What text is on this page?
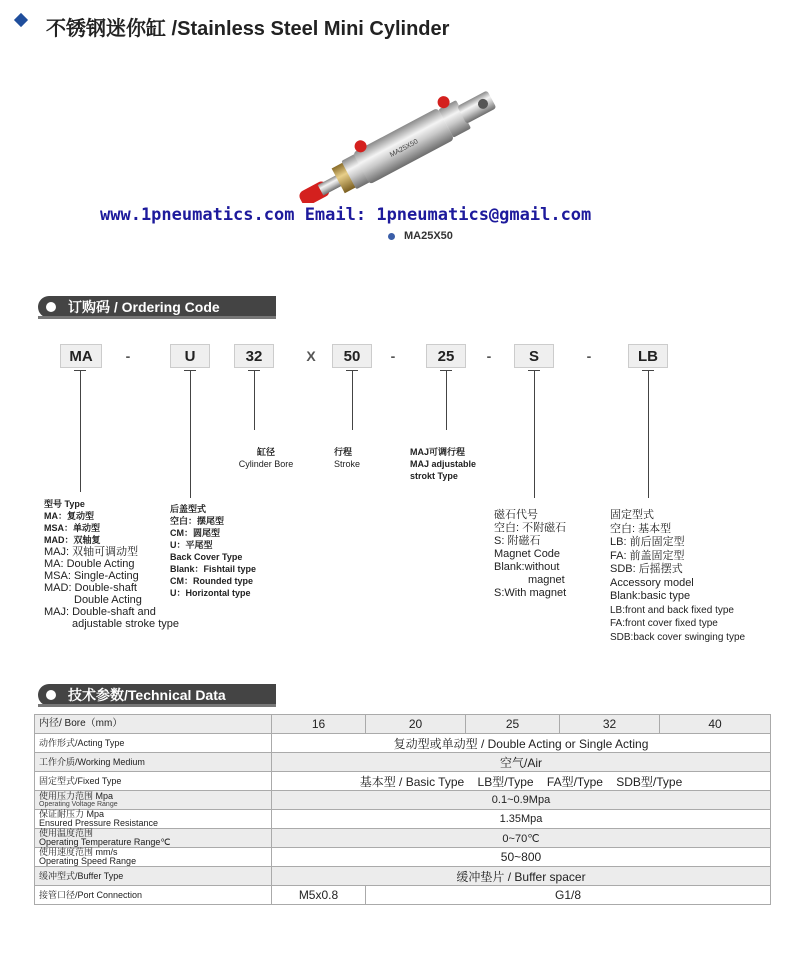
不锈钢迷你缸 /Stainless Steel Mini Cylinder
MA25X50
www.1pneumatics.com Email: 1pneumatics@gmail.com
MA25X50
订购码 / Ordering Code
MA	-	U	32	X	50	-	25	-	S	-	LB
缸径
Cylinder Bore
行程
Stroke
MAJ可调行程
MAJ adjustable
strokt Type
型号 Type
MA：复动型
MSA：单动型
MAD：双轴复
MAJ: 双轴可调动型
MA: Double Acting
MSA: Single-Acting
MAD: Double-shaft
Double Acting
MAJ: Double-shaft and
adjustable stroke type
后盖型式
空白：摆尾型
CM：圆尾型
U：平尾型
Back Cover Type
Blank：Fishtail type
CM：Rounded type
U：Horizontal type
磁石代号
空白: 不附磁石
S: 附磁石
Magnet Code
Blank:without
magnet
S:With magnet
固定型式
空白: 基本型
LB: 前后固定型
FA: 前盖固定型
SDB: 后摇摆式
Accessory model
Blank:basic type
LB:front and back fixed type
FA:front cover fixed type
SDB:back cover swinging type
技术参数/Technical Data
内径/ Bore（mm）	16	20	25	32	40
动作形式/Acting Type	复动型或单动型 / Double Acting or Single Acting				
工作介质/Working Medium	空气/Air				
固定型式/Fixed Type	基本型 / Basic Type    LB型/Type    FA型/Type    SDB型/Type				

使用压力范围 Mpa
Operating Voltage Range	0.1~0.9Mpa				

保证耐压力 Mpa
Ensured Pressure Resistance	1.35Mpa				

使用温度范围
Operating Temperature Range℃	0~70℃				

使用速度范围 mm/s
Operating Speed Range	50~800				
缓冲型式/Buffer Type	缓冲垫片 / Buffer spacer				
接管口径/Port Connection	M5x0.8	G1/8			
